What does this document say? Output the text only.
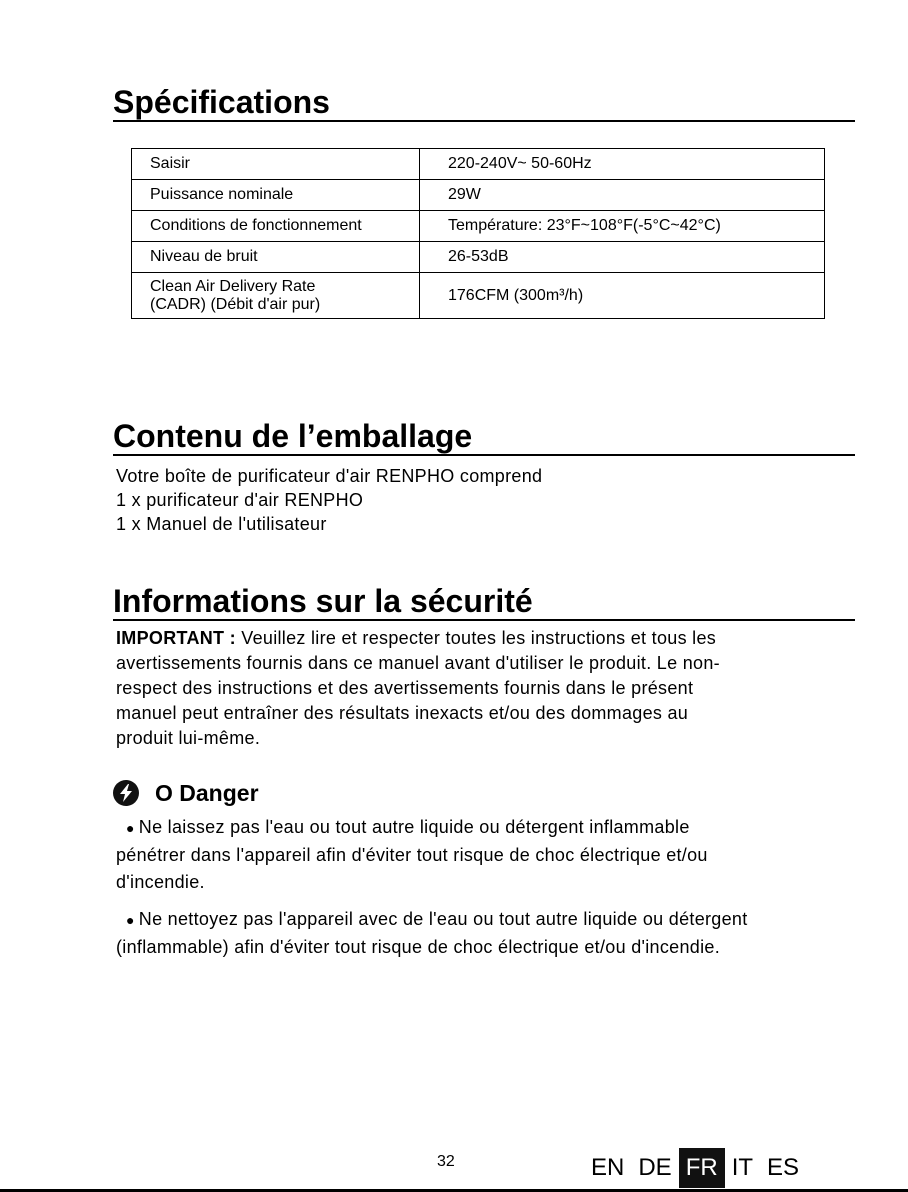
Spécifications
Saisir	220-240V~ 50-60Hz
Puissance nominale	29W
Conditions de fonctionnement	Température: 23°F~108°F(-5°C~42°C)
Niveau de bruit	26-53dB

Clean Air Delivery Rate
(CADR) (Débit d'air pur)	176CFM (300m³/h)
Contenu de l’emballage
Votre boîte de purificateur d'air RENPHO comprend
1 x purificateur d'air RENPHO
1 x Manuel de l'utilisateur
Informations sur la sécurité
IMPORTANT : Veuillez lire et respecter toutes les instructions et tous les
avertissements fournis dans ce manuel avant d'utiliser le produit. Le non-
respect des instructions et des avertissements fournis dans le présent
manuel peut entraîner des résultats inexacts et/ou des dommages au
produit lui-même.
O Danger
● Ne laissez pas l'eau ou tout autre liquide ou détergent inflammable
pénétrer dans l'appareil afin d'éviter tout risque de choc électrique et/ou
d'incendie.
● Ne nettoyez pas l'appareil avec de l'eau ou tout autre liquide ou détergent
(inflammable) afin d'éviter tout risque de choc électrique et/ou d'incendie.
32	EN DE FR IT ES
